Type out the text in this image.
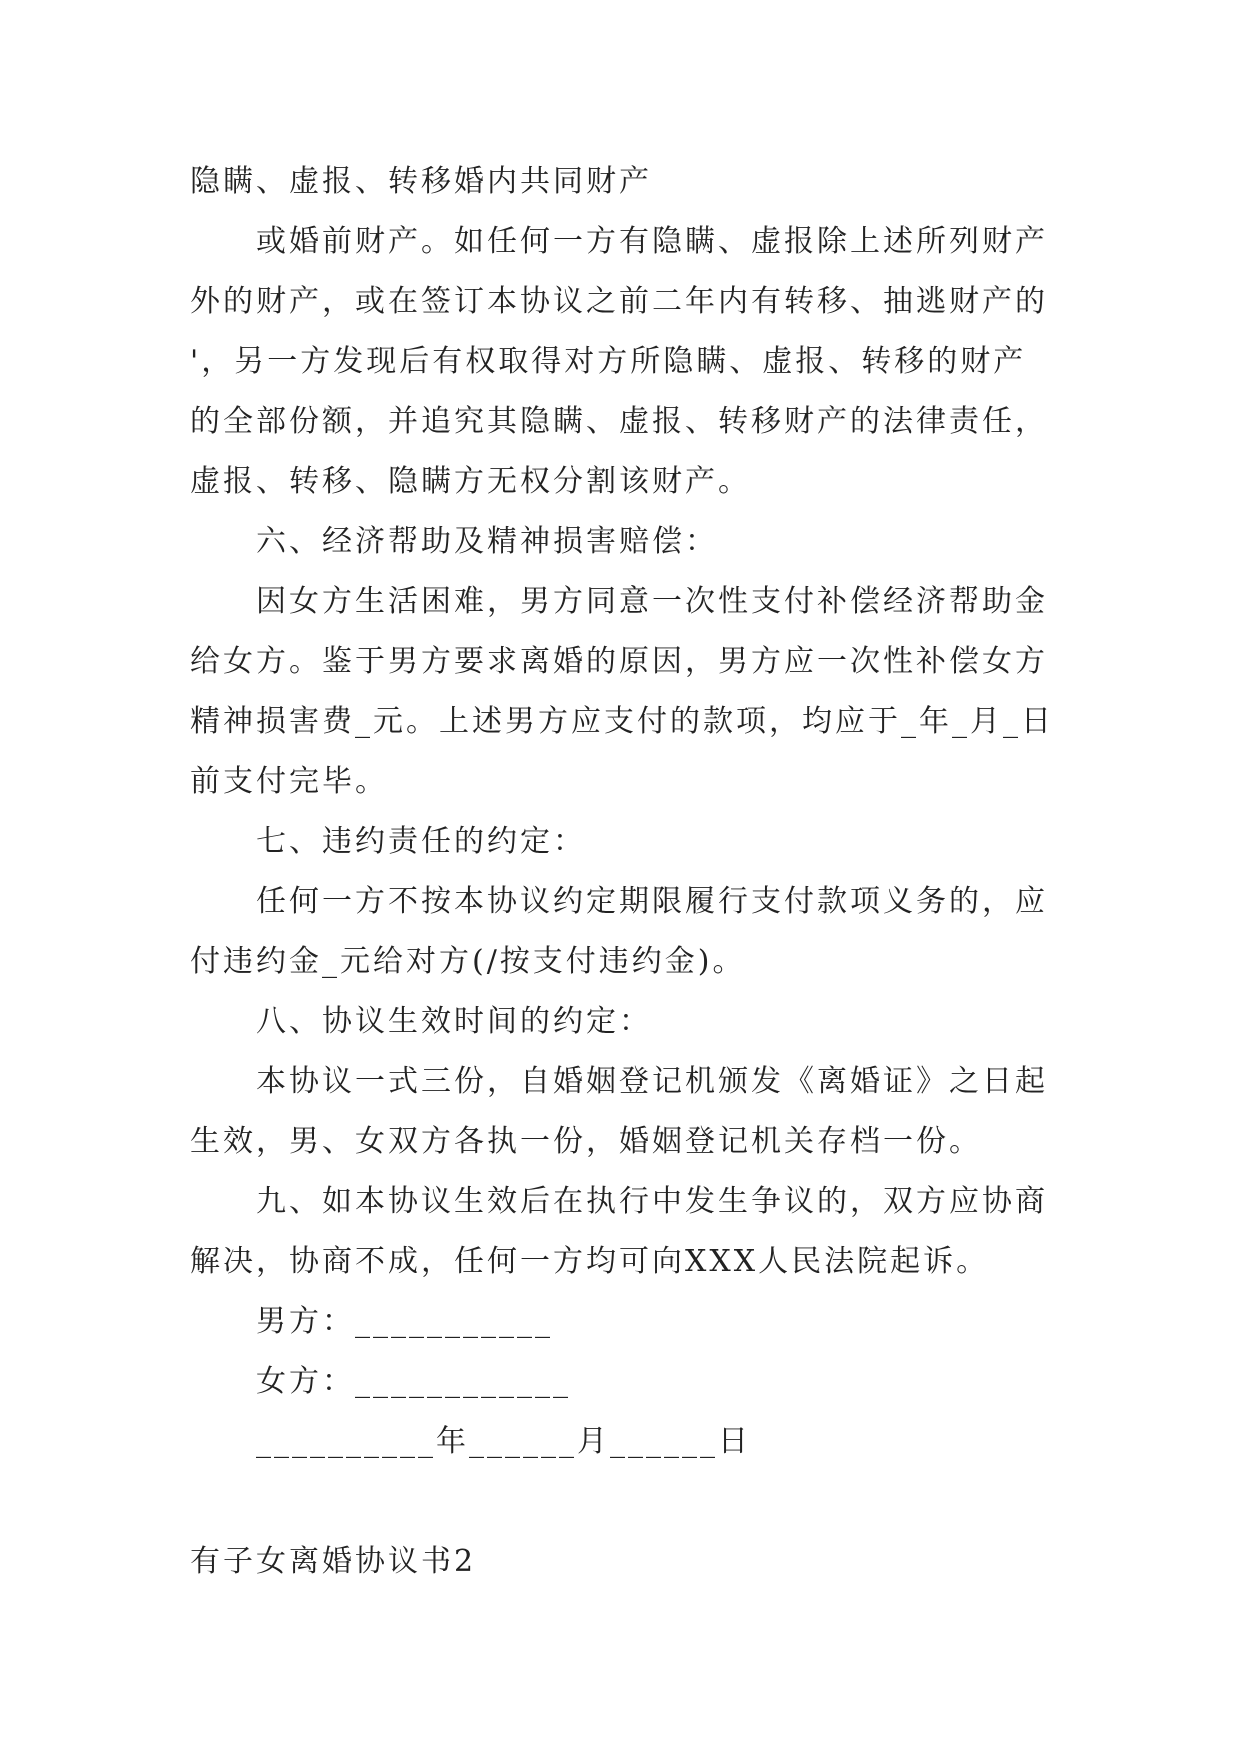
隐瞒、虚报、转移婚内共同财产
或婚前财产。如任何一方有隐瞒、虚报除上述所列财产
外的财产，或在签订本协议之前二年内有转移、抽逃财产的
'，另一方发现后有权取得对方所隐瞒、虚报、转移的财产
的全部份额，并追究其隐瞒、虚报、转移财产的法律责任，
虚报、转移、隐瞒方无权分割该财产。
六、经济帮助及精神损害赔偿：
因女方生活困难，男方同意一次性支付补偿经济帮助金
给女方。鉴于男方要求离婚的原因，男方应一次性补偿女方
精神损害费_元。上述男方应支付的款项，均应于_年_月_日
前支付完毕。
七、违约责任的约定：
任何一方不按本协议约定期限履行支付款项义务的，应
付违约金_元给对方(/按支付违约金)。
八、协议生效时间的约定：
本协议一式三份，自婚姻登记机颁发《离婚证》之日起
生效，男、女双方各执一份，婚姻登记机关存档一份。
九、如本协议生效后在执行中发生争议的，双方应协商
解决，协商不成，任何一方均可向XXX人民法院起诉。
男方：___________
女方：____________
__________年______月______日
有子女离婚协议书2
